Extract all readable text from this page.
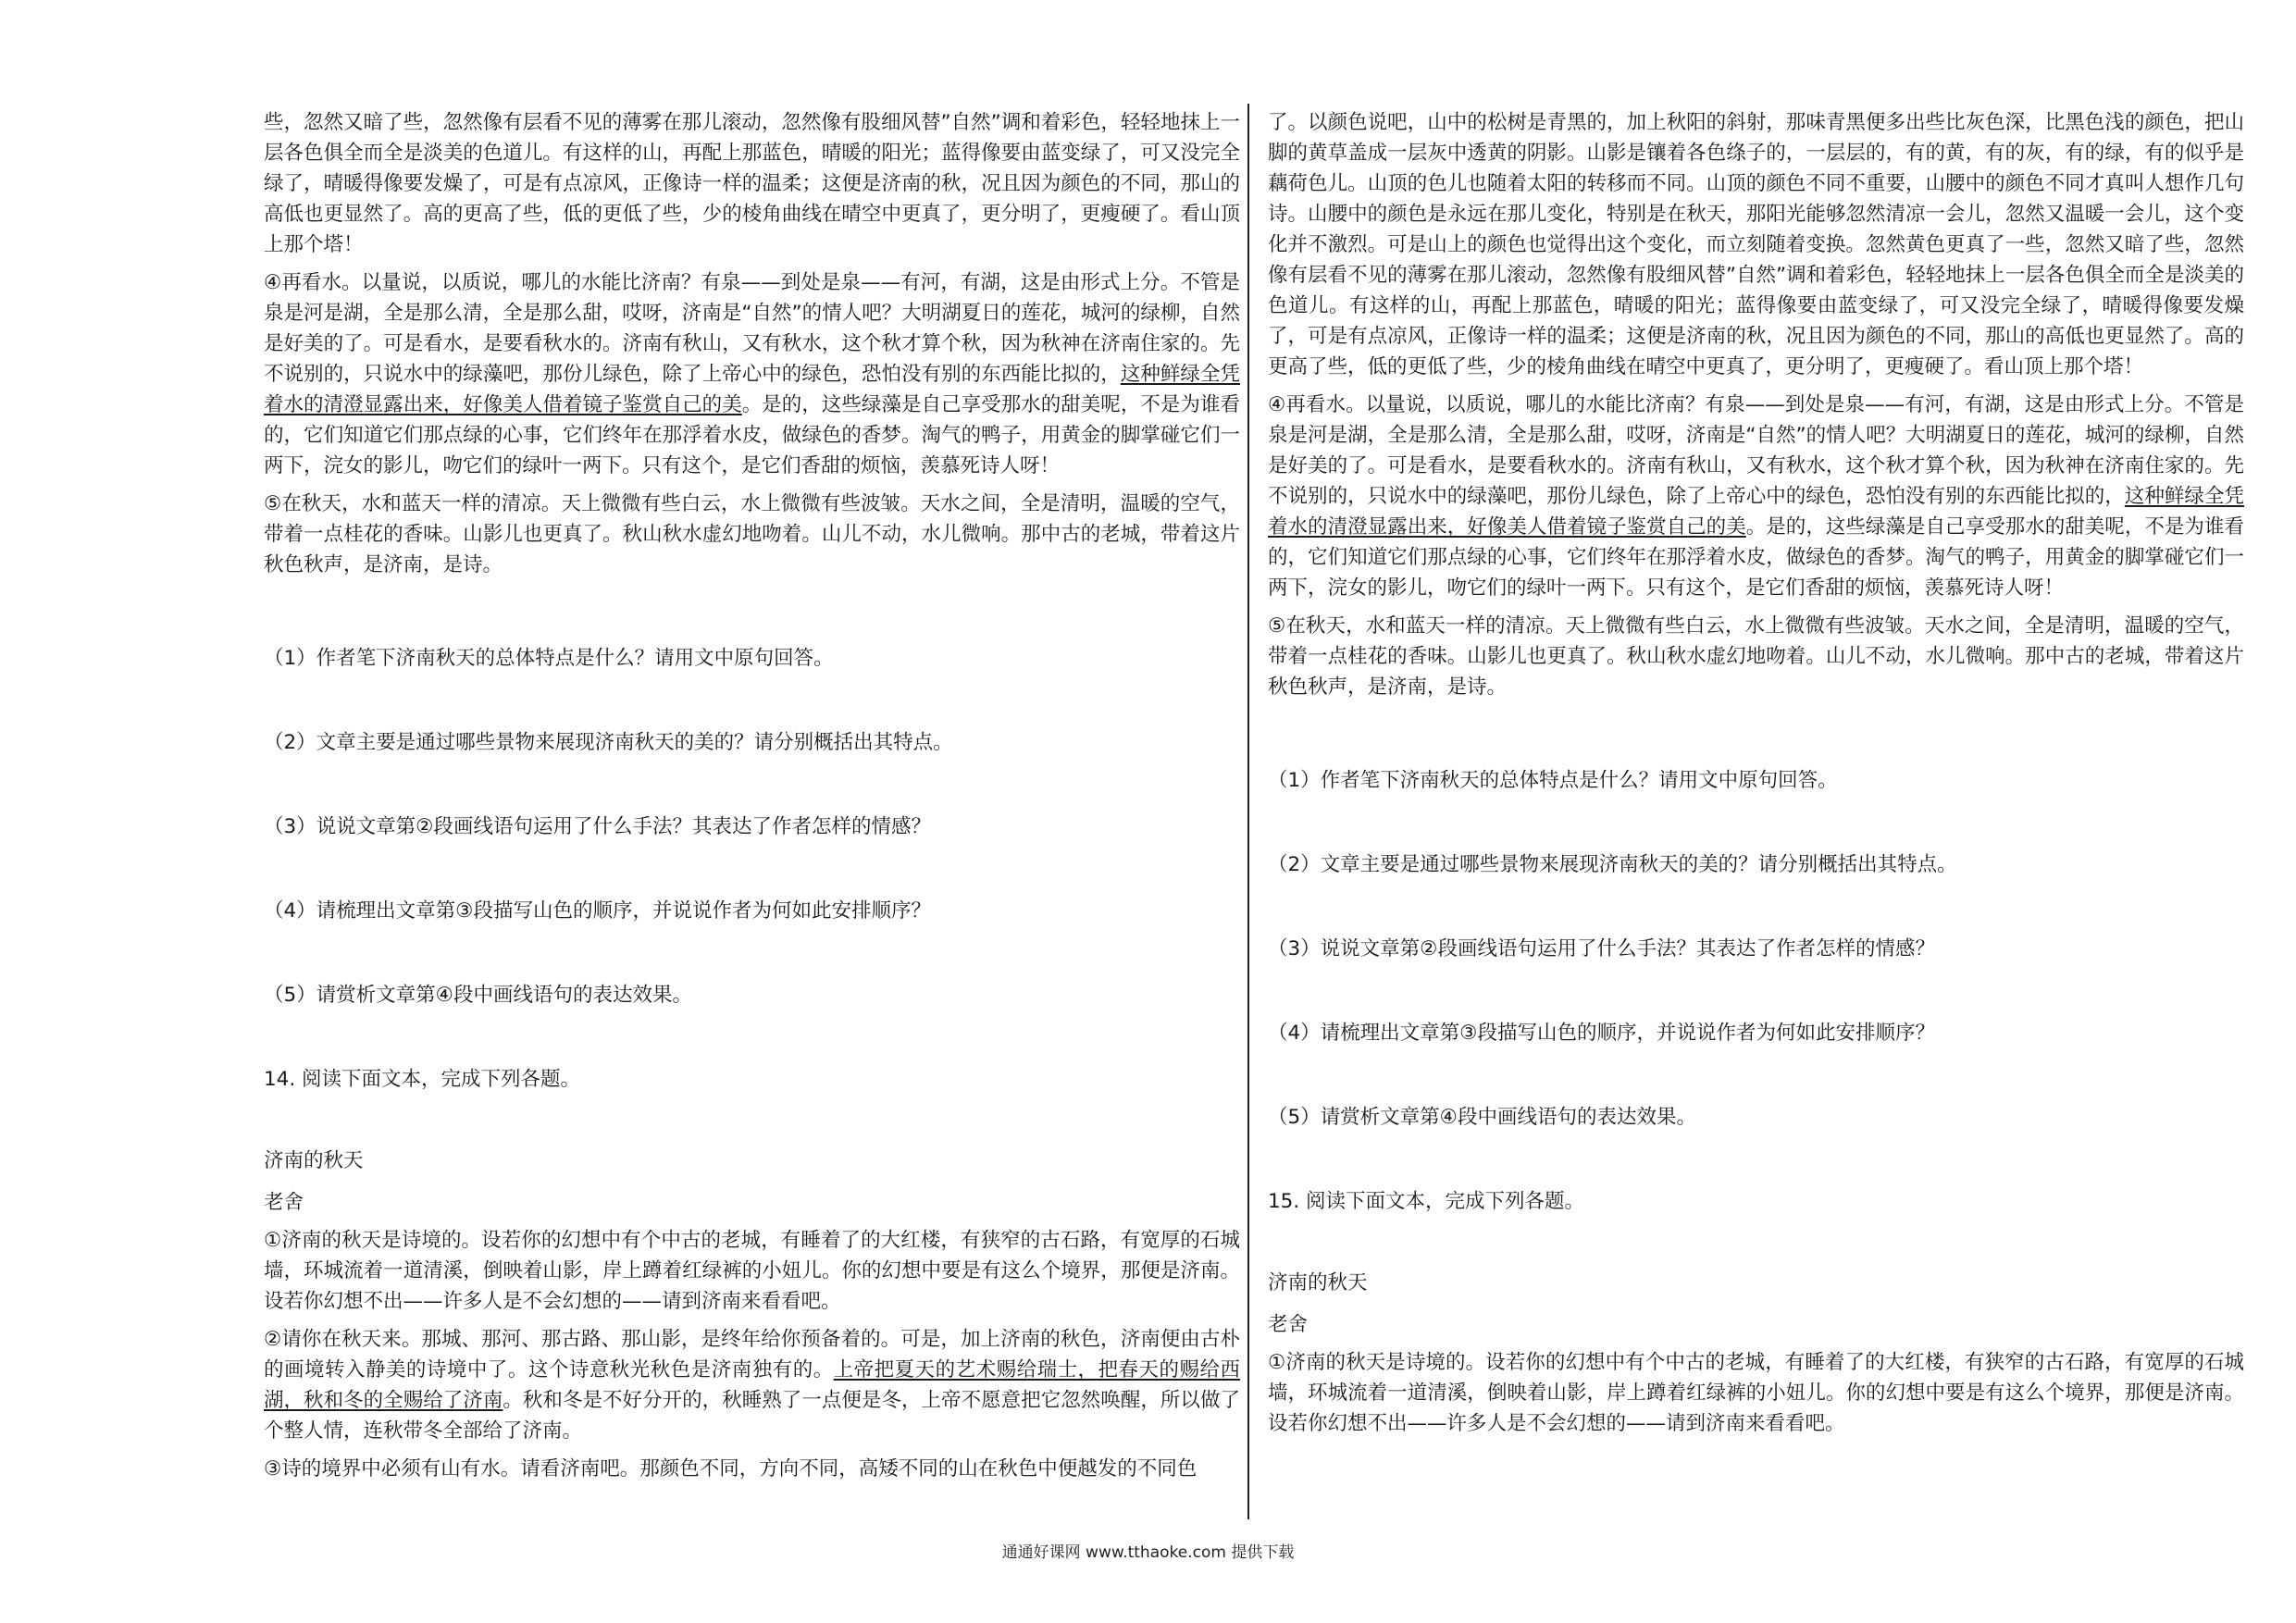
些，忽然又暗了些，忽然像有层看不见的薄雾在那儿滚动，忽然像有股细风替”自然”调和着彩色，轻轻地抹上一层各色俱全而全是淡美的色道儿。有这样的山，再配上那蓝色，晴暖的阳光；蓝得像要由蓝变绿了，可又没完全绿了，晴暖得像要发燥了，可是有点凉风，正像诗一样的温柔；这便是济南的秋，况且因为颜色的不同，那山的高低也更显然了。高的更高了些，低的更低了些，少的棱角曲线在晴空中更真了，更分明了，更瘦硬了。看山顶上那个塔！

④再看水。以量说，以质说，哪儿的水能比济南？有泉——到处是泉——有河，有湖，这是由形式上分。不管是泉是河是湖，全是那么清，全是那么甜，哎呀，济南是“自然”的情人吧？大明湖夏日的莲花，城河的绿柳，自然是好美的了。可是看水，是要看秋水的。济南有秋山，又有秋水，这个秋才算个秋，因为秋神在济南住家的。先不说别的，只说水中的绿藻吧，那份儿绿色，除了上帝心中的绿色，恐怕没有别的东西能比拟的，这种鲜绿全凭着水的清澄显露出来，好像美人借着镜子鉴赏自己的美。是的，这些绿藻是自己享受那水的甜美呢，不是为谁看的，它们知道它们那点绿的心事，它们终年在那浮着水皮，做绿色的香梦。淘气的鸭子，用黄金的脚掌碰它们一两下，浣女的影儿，吻它们的绿叶一两下。只有这个，是它们香甜的烦恼，羡慕死诗人呀！

⑤在秋天，水和蓝天一样的清凉。天上微微有些白云，水上微微有些波皱。天水之间，全是清明，温暖的空气，带着一点桂花的香味。山影儿也更真了。秋山秋水虚幻地吻着。山儿不动，水儿微响。那中古的老城，带着这片秋色秋声，是济南，是诗。

（1）作者笔下济南秋天的总体特点是什么？请用文中原句回答。

（2）文章主要是通过哪些景物来展现济南秋天的美的？请分别概括出其特点。

（3）说说文章第②段画线语句运用了什么手法？其表达了作者怎样的情感？

（4）请梳理出文章第③段描写山色的顺序，并说说作者为何如此安排顺序？

（5）请赏析文章第④段中画线语句的表达效果。

14. 阅读下面文本，完成下列各题。

济南的秋天

老舍

①济南的秋天是诗境的。设若你的幻想中有个中古的老城，有睡着了的大红楼，有狭窄的古石路，有宽厚的石城墙，环城流着一道清溪，倒映着山影，岸上蹲着红绿裤的小妞儿。你的幻想中要是有这么个境界，那便是济南。设若你幻想不出——许多人是不会幻想的——请到济南来看看吧。

②请你在秋天来。那城、那河、那古路、那山影，是终年给你预备着的。可是，加上济南的秋色，济南便由古朴的画境转入静美的诗境中了。这个诗意秋光秋色是济南独有的。上帝把夏天的艺术赐给瑞士，把春天的赐给西湖，秋和冬的全赐给了济南。秋和冬是不好分开的，秋睡熟了一点便是冬，上帝不愿意把它忽然唤醒，所以做了个整人情，连秋带冬全部给了济南。

③诗的境界中必须有山有水。请看济南吧。那颜色不同，方向不同，高矮不同的山在秋色中便越发的不同色

了。以颜色说吧，山中的松树是青黑的，加上秋阳的斜射，那味青黑便多出些比灰色深，比黑色浅的颜色，把山脚的黄草盖成一层灰中透黄的阴影。山影是镶着各色绦子的，一层层的，有的黄，有的灰，有的绿，有的似乎是藕荷色儿。山顶的色儿也随着太阳的转移而不同。山顶的颜色不同不重要，山腰中的颜色不同才真叫人想作几句诗。山腰中的颜色是永远在那儿变化，特别是在秋天，那阳光能够忽然清凉一会儿，忽然又温暖一会儿，这个变化并不激烈。可是山上的颜色也觉得出这个变化，而立刻随着变换。忽然黄色更真了一些，忽然又暗了些，忽然像有层看不见的薄雾在那儿滚动，忽然像有股细风替”自然”调和着彩色，轻轻地抹上一层各色俱全而全是淡美的色道儿。有这样的山，再配上那蓝色，晴暖的阳光；蓝得像要由蓝变绿了，可又没完全绿了，晴暖得像要发燥了，可是有点凉风，正像诗一样的温柔；这便是济南的秋，况且因为颜色的不同，那山的高低也更显然了。高的更高了些，低的更低了些，少的棱角曲线在晴空中更真了，更分明了，更瘦硬了。看山顶上那个塔！

④再看水。以量说，以质说，哪儿的水能比济南？有泉——到处是泉——有河，有湖，这是由形式上分。不管是泉是河是湖，全是那么清，全是那么甜，哎呀，济南是“自然”的情人吧？大明湖夏日的莲花，城河的绿柳，自然是好美的了。可是看水，是要看秋水的。济南有秋山，又有秋水，这个秋才算个秋，因为秋神在济南住家的。先不说别的，只说水中的绿藻吧，那份儿绿色，除了上帝心中的绿色，恐怕没有别的东西能比拟的，这种鲜绿全凭着水的清澄显露出来，好像美人借着镜子鉴赏自己的美。是的，这些绿藻是自己享受那水的甜美呢，不是为谁看的，它们知道它们那点绿的心事，它们终年在那浮着水皮，做绿色的香梦。淘气的鸭子，用黄金的脚掌碰它们一两下，浣女的影儿，吻它们的绿叶一两下。只有这个，是它们香甜的烦恼，羡慕死诗人呀！

⑤在秋天，水和蓝天一样的清凉。天上微微有些白云，水上微微有些波皱。天水之间，全是清明，温暖的空气，带着一点桂花的香味。山影儿也更真了。秋山秋水虚幻地吻着。山儿不动，水儿微响。那中古的老城，带着这片秋色秋声，是济南，是诗。

（1）作者笔下济南秋天的总体特点是什么？请用文中原句回答。

（2）文章主要是通过哪些景物来展现济南秋天的美的？请分别概括出其特点。

（3）说说文章第②段画线语句运用了什么手法？其表达了作者怎样的情感？

（4）请梳理出文章第③段描写山色的顺序，并说说作者为何如此安排顺序？

（5）请赏析文章第④段中画线语句的表达效果。

15. 阅读下面文本，完成下列各题。

济南的秋天

老舍

①济南的秋天是诗境的。设若你的幻想中有个中古的老城，有睡着了的大红楼，有狭窄的古石路，有宽厚的石城墙，环城流着一道清溪，倒映着山影，岸上蹲着红绿裤的小妞儿。你的幻想中要是有这么个境界，那便是济南。设若你幻想不出——许多人是不会幻想的——请到济南来看看吧。

通通好课网 www.tthaoke.com 提供下载
